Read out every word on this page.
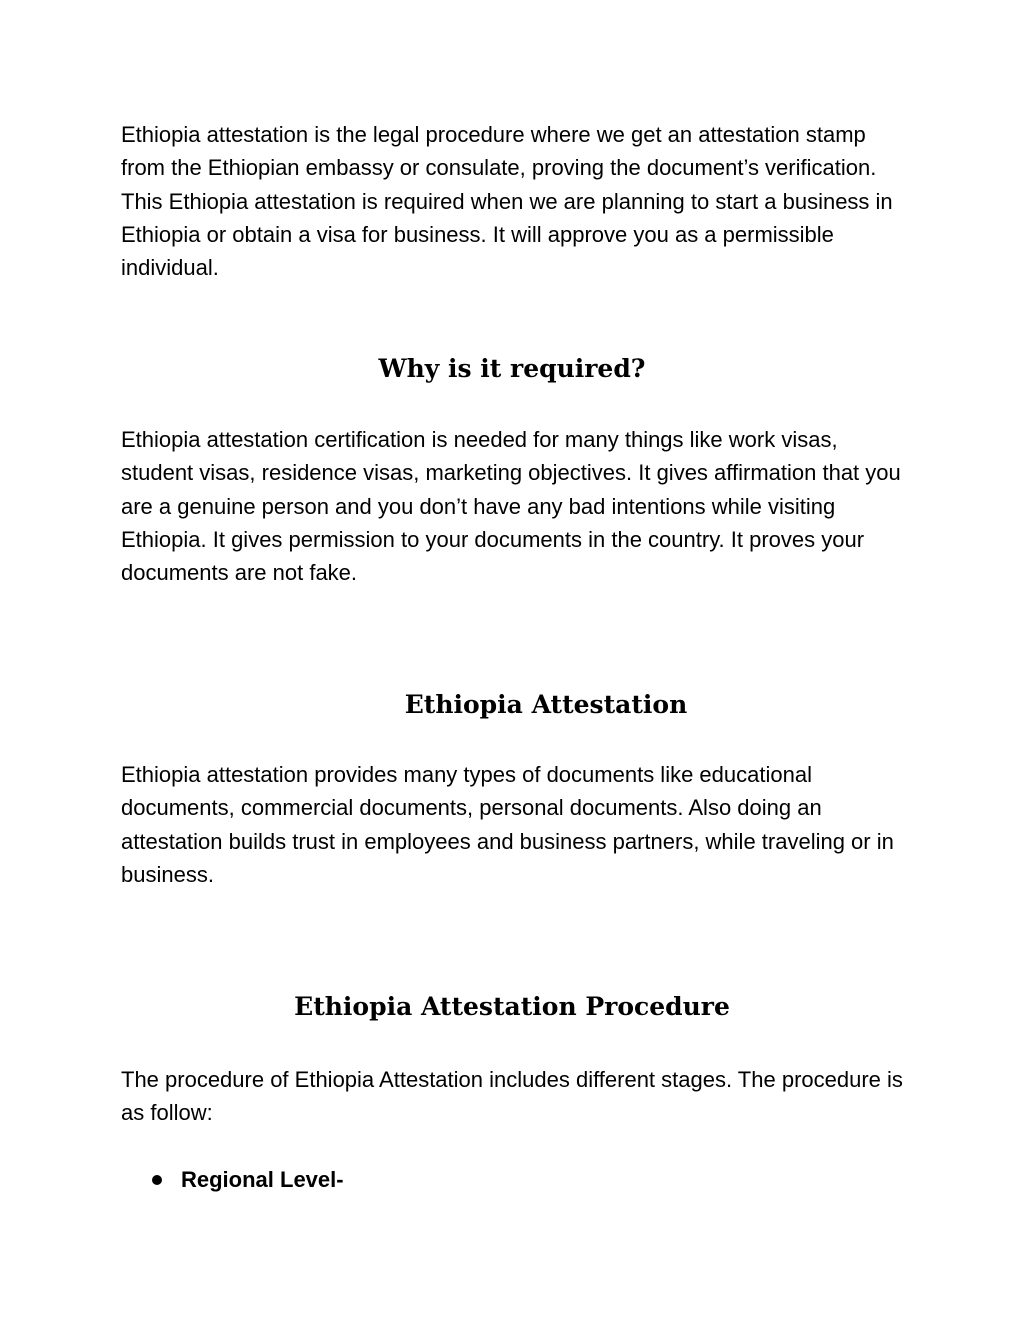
Ethiopia attestation is the legal procedure where we get an attestation stamp from the Ethiopian embassy or consulate, proving the document’s verification. This Ethiopia attestation is required when we are planning to start a business in Ethiopia or obtain a visa for business. It will approve you as a permissible individual.

Why is it required?

Ethiopia attestation certification is needed for many things like work visas, student visas, residence visas, marketing objectives. It gives affirmation that you are a genuine person and you don’t have any bad intentions while visiting Ethiopia. It gives permission to your documents in the country. It proves your documents are not fake.

Ethiopia Attestation

Ethiopia attestation provides many types of documents like educational documents, commercial documents, personal documents. Also doing an attestation builds trust in employees and business partners, while traveling or in business.

Ethiopia Attestation Procedure

The procedure of Ethiopia Attestation includes different stages. The procedure is as follow:

Regional Level-
